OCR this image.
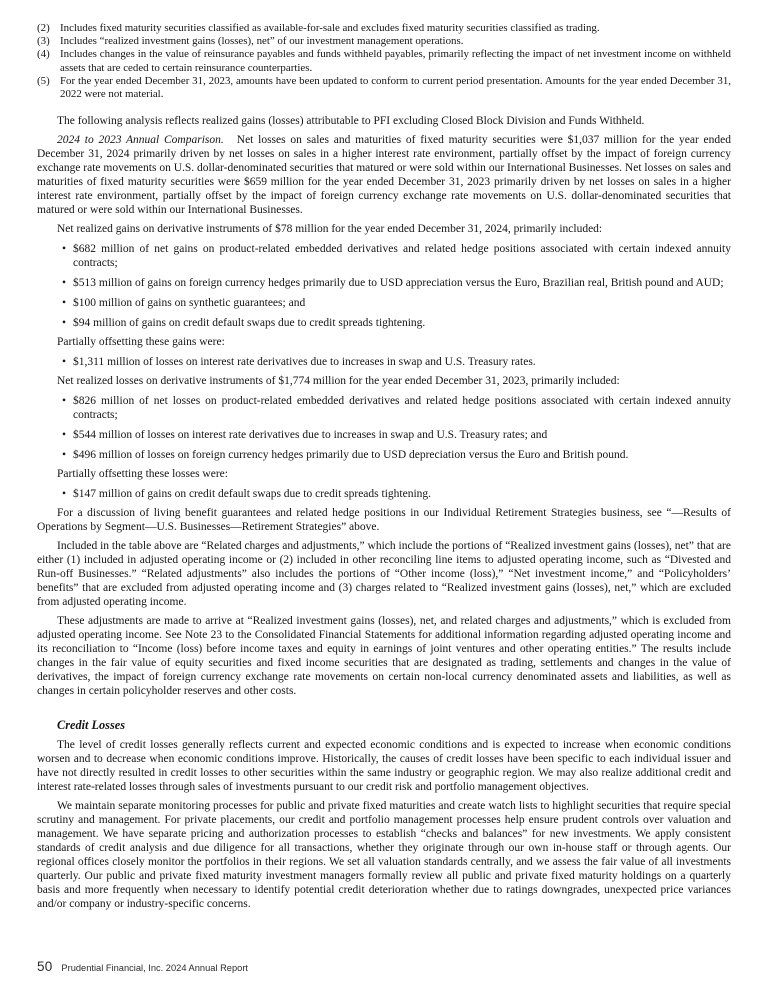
(2) Includes fixed maturity securities classified as available-for-sale and excludes fixed maturity securities classified as trading.
(3) Includes “realized investment gains (losses), net” of our investment management operations.
(4) Includes changes in the value of reinsurance payables and funds withheld payables, primarily reflecting the impact of net investment income on withheld assets that are ceded to certain reinsurance counterparties.
(5) For the year ended December 31, 2023, amounts have been updated to conform to current period presentation. Amounts for the year ended December 31, 2022 were not material.

The following analysis reflects realized gains (losses) attributable to PFI excluding Closed Block Division and Funds Withheld.

2024 to 2023 Annual Comparison. Net losses on sales and maturities of fixed maturity securities were $1,037 million for the year ended December 31, 2024 primarily driven by net losses on sales in a higher interest rate environment, partially offset by the impact of foreign currency exchange rate movements on U.S. dollar-denominated securities that matured or were sold within our International Businesses. Net losses on sales and maturities of fixed maturity securities were $659 million for the year ended December 31, 2023 primarily driven by net losses on sales in a higher interest rate environment, partially offset by the impact of foreign currency exchange rate movements on U.S. dollar-denominated securities that matured or were sold within our International Businesses.

Net realized gains on derivative instruments of $78 million for the year ended December 31, 2024, primarily included:

• $682 million of net gains on product-related embedded derivatives and related hedge positions associated with certain indexed annuity contracts;
• $513 million of gains on foreign currency hedges primarily due to USD appreciation versus the Euro, Brazilian real, British pound and AUD;
• $100 million of gains on synthetic guarantees; and
• $94 million of gains on credit default swaps due to credit spreads tightening.

Partially offsetting these gains were:

• $1,311 million of losses on interest rate derivatives due to increases in swap and U.S. Treasury rates.

Net realized losses on derivative instruments of $1,774 million for the year ended December 31, 2023, primarily included:

• $826 million of net losses on product-related embedded derivatives and related hedge positions associated with certain indexed annuity contracts;
• $544 million of losses on interest rate derivatives due to increases in swap and U.S. Treasury rates; and
• $496 million of losses on foreign currency hedges primarily due to USD depreciation versus the Euro and British pound.

Partially offsetting these losses were:

• $147 million of gains on credit default swaps due to credit spreads tightening.

For a discussion of living benefit guarantees and related hedge positions in our Individual Retirement Strategies business, see “—Results of Operations by Segment—U.S. Businesses—Retirement Strategies” above.

Included in the table above are “Related charges and adjustments,” which include the portions of “Realized investment gains (losses), net” that are either (1) included in adjusted operating income or (2) included in other reconciling line items to adjusted operating income, such as “Divested and Run-off Businesses.” “Related adjustments” also includes the portions of “Other income (loss),” “Net investment income,” and “Policyholders’ benefits” that are excluded from adjusted operating income and (3) charges related to “Realized investment gains (losses), net,” which are excluded from adjusted operating income.

These adjustments are made to arrive at “Realized investment gains (losses), net, and related charges and adjustments,” which is excluded from adjusted operating income. See Note 23 to the Consolidated Financial Statements for additional information regarding adjusted operating income and its reconciliation to “Income (loss) before income taxes and equity in earnings of joint ventures and other operating entities.” The results include changes in the fair value of equity securities and fixed income securities that are designated as trading, settlements and changes in the value of derivatives, the impact of foreign currency exchange rate movements on certain non-local currency denominated assets and liabilities, as well as changes in certain policyholder reserves and other costs.

Credit Losses

The level of credit losses generally reflects current and expected economic conditions and is expected to increase when economic conditions worsen and to decrease when economic conditions improve. Historically, the causes of credit losses have been specific to each individual issuer and have not directly resulted in credit losses to other securities within the same industry or geographic region. We may also realize additional credit and interest rate-related losses through sales of investments pursuant to our credit risk and portfolio management objectives.

We maintain separate monitoring processes for public and private fixed maturities and create watch lists to highlight securities that require special scrutiny and management. For private placements, our credit and portfolio management processes help ensure prudent controls over valuation and management. We have separate pricing and authorization processes to establish “checks and balances” for new investments. We apply consistent standards of credit analysis and due diligence for all transactions, whether they originate through our own in-house staff or through agents. Our regional offices closely monitor the portfolios in their regions. We set all valuation standards centrally, and we assess the fair value of all investments quarterly. Our public and private fixed maturity investment managers formally review all public and private fixed maturity holdings on a quarterly basis and more frequently when necessary to identify potential credit deterioration whether due to ratings downgrades, unexpected price variances and/or company or industry-specific concerns.

50 Prudential Financial, Inc. 2024 Annual Report
